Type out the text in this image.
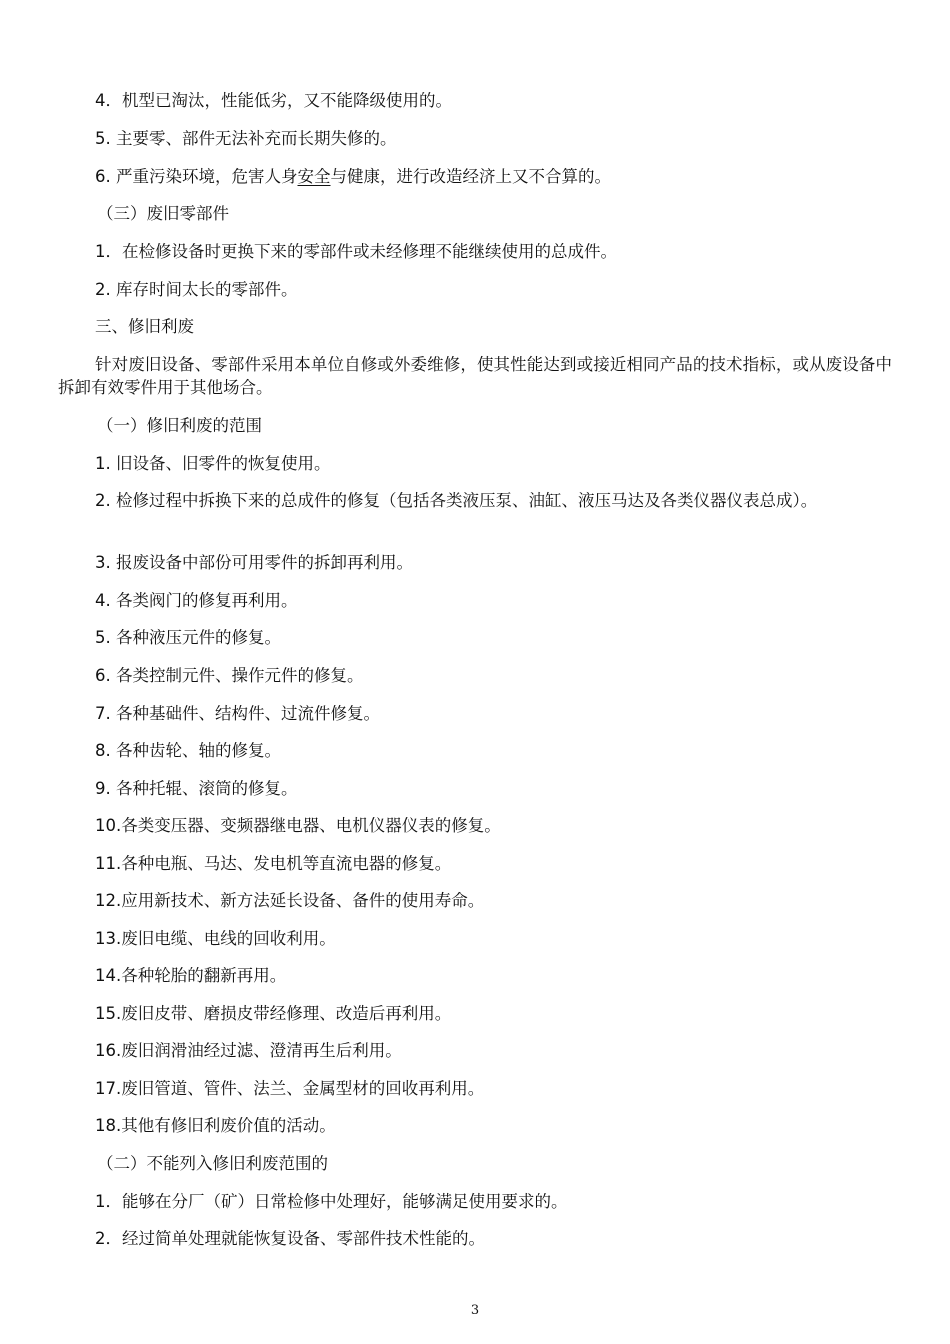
4．机型已淘汰，性能低劣，又不能降级使用的。
5. 主要零、部件无法补充而长期失修的。
6. 严重污染环境，危害人身安全与健康，进行改造经济上又不合算的。
（三）废旧零部件
1．在检修设备时更换下来的零部件或未经修理不能继续使用的总成件。
2. 库存时间太长的零部件。
三、修旧利废
针对废旧设备、零部件采用本单位自修或外委维修，使其性能达到或接近相同产品的技术指标，或从废设备中拆卸有效零件用于其他场合。
（一）修旧利废的范围
1. 旧设备、旧零件的恢复使用。
2. 检修过程中拆换下来的总成件的修复（包括各类液压泵、油缸、液压马达及各类仪器仪表总成）。
3. 报废设备中部份可用零件的拆卸再利用。
4. 各类阀门的修复再利用。
5. 各种液压元件的修复。
6. 各类控制元件、操作元件的修复。
7. 各种基础件、结构件、过流件修复。
8. 各种齿轮、轴的修复。
9. 各种托辊、滚筒的修复。
10.各类变压器、变频器继电器、电机仪器仪表的修复。
11.各种电瓶、马达、发电机等直流电器的修复。
12.应用新技术、新方法延长设备、备件的使用寿命。
13.废旧电缆、电线的回收利用。
14.各种轮胎的翻新再用。
15.废旧皮带、磨损皮带经修理、改造后再利用。
16.废旧润滑油经过滤、澄清再生后利用。
17.废旧管道、管件、法兰、金属型材的回收再利用。
18.其他有修旧利废价值的活动。
（二）不能列入修旧利废范围的
1．能够在分厂（矿）日常检修中处理好，能够满足使用要求的。
2．经过简单处理就能恢复设备、零部件技术性能的。
3
